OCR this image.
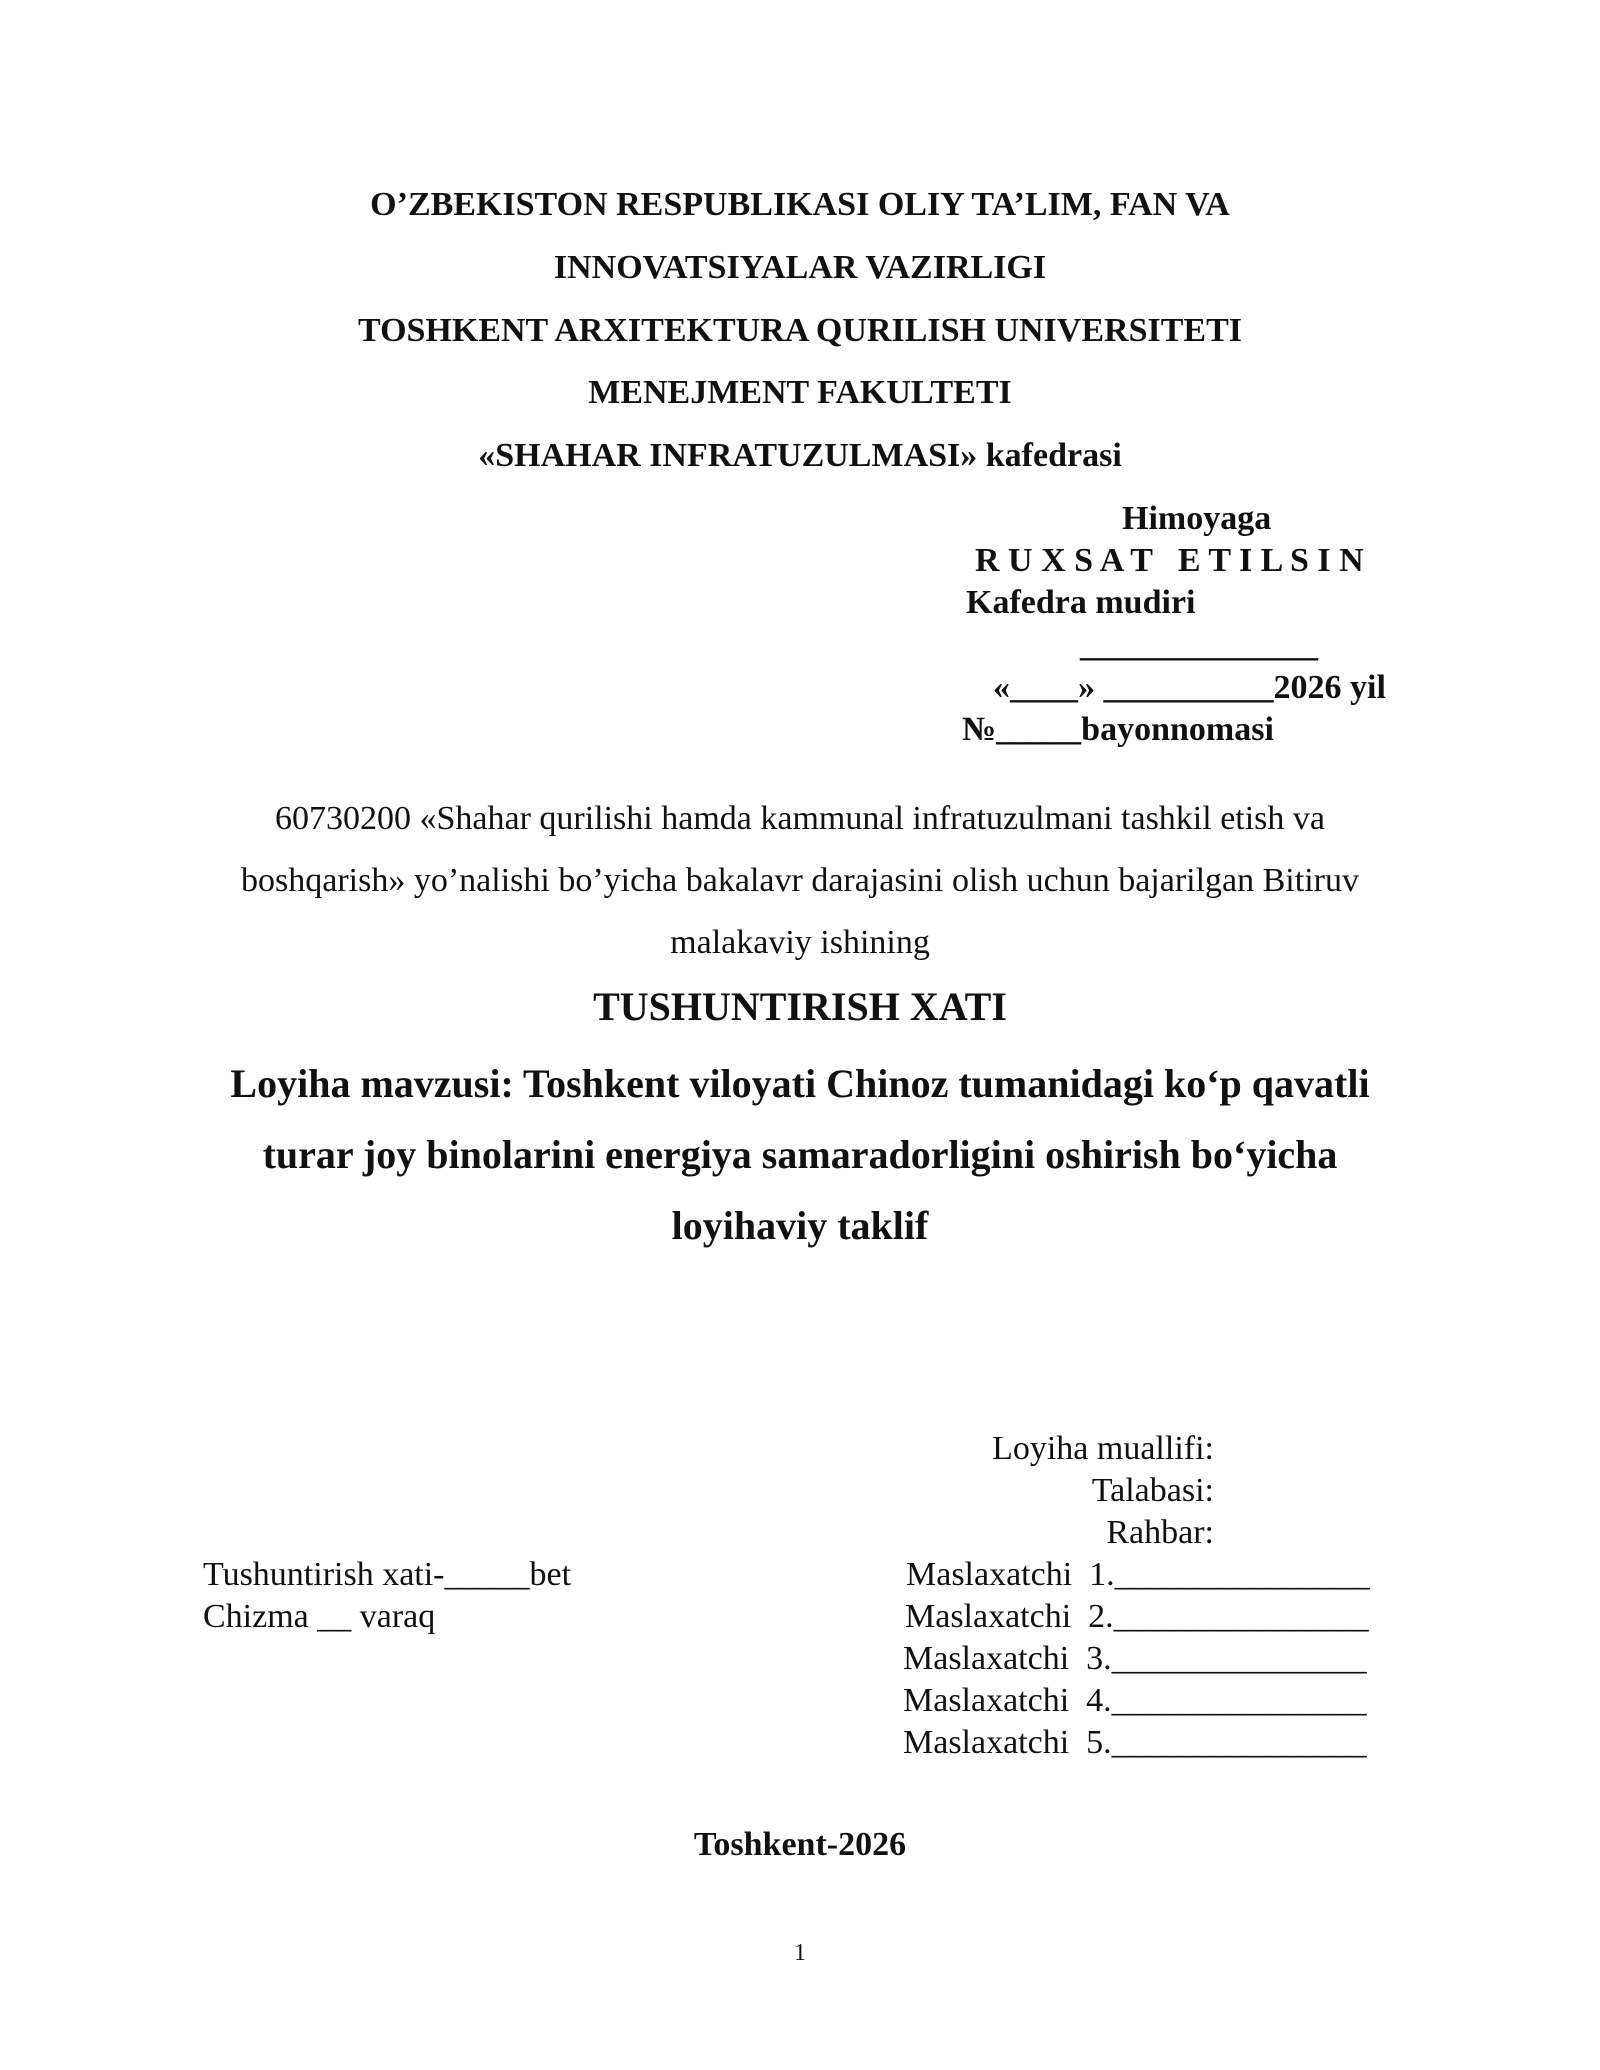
O’ZBEKISTON RESPUBLIKASI OLIY TA’LIM, FAN VA
INNOVATSIYALAR VAZIRLIGI
TOSHKENT ARXITEKTURA QURILISH UNIVERSITETI
MENEJMENT FAKULTETI
«SHAHAR INFRATUZULMASI» kafedrasi
Himoyaga
R U X S A T   E T I L S I N
Kafedra mudiri
______________
«____» __________2026 yil
№_____bayonnomasi
60730200 «Shahar qurilishi hamda kammunal infratuzulmani tashkil etish va
boshqarish» yo’nalishi bo’yicha bakalavr darajasini olish uchun bajarilgan Bitiruv
malakaviy ishining
TUSHUNTIRISH XATI
Loyiha mavzusi: Toshkent viloyati Chinoz tumanidagi ko‘p qavatli
turar joy binolarini energiya samaradorligini oshirish bo‘yicha
loyihaviy taklif
Loyiha muallifi:
Talabasi:
Rahbar:
Maslaxatchi  1._______________
Maslaxatchi  2._______________
Maslaxatchi  3._______________
Maslaxatchi  4._______________
Maslaxatchi  5._______________
Tushuntirish xati-_____bet
Chizma __ varaq
Toshkent-2026
1
